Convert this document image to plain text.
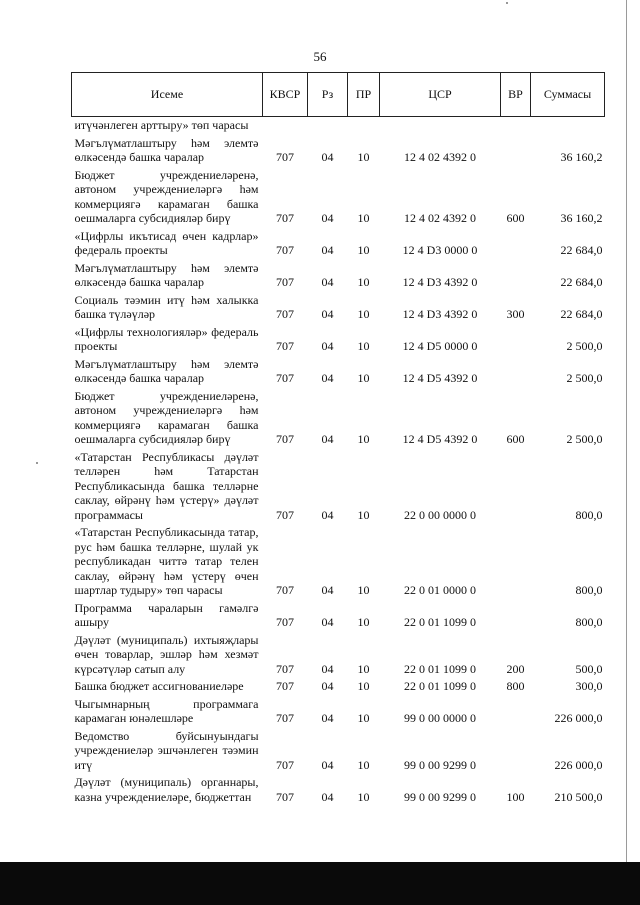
56
Исеме	КВСР	Рз	ПР	ЦСР	ВР	Суммасы
итүчәнлеген арттыру» төп чарасы						
Мәгълүматлаштыру һәм элемтә өлкәсендә башка чаралар	707	04	10	12 4 02 4392 0		36 160,2
Бюджет учреждениеләренә, автоном учреждениеләргә һәм коммерциягә карамаган башка оешмаларга субсидияләр бирү	707	04	10	12 4 02 4392 0	600	36 160,2
«Цифрлы икътисад өчен кадрлар» федераль проекты	707	04	10	12 4 D3 0000 0		22 684,0
Мәгълүматлаштыру һәм элемтә өлкәсендә башка чаралар	707	04	10	12 4 D3 4392 0		22 684,0
Социаль тәэмин итү һәм халыкка башка түләүләр	707	04	10	12 4 D3 4392 0	300	22 684,0
«Цифрлы технологияләр» федераль проекты	707	04	10	12 4 D5 0000 0		2 500,0
Мәгълүматлаштыру һәм элемтә өлкәсендә башка чаралар	707	04	10	12 4 D5 4392 0		2 500,0
Бюджет учреждениеләренә, автоном учреждениеләргә һәм коммерциягә карамаган башка оешмаларга субсидияләр бирү	707	04	10	12 4 D5 4392 0	600	2 500,0
«Татарстан Республикасы дәүләт телләрен һәм Татарстан Республикасында башка телләрне саклау, өйрәнү һәм үстерү» дәүләт программасы	707	04	10	22 0 00 0000 0		800,0
«Татарстан Республикасында татар, рус һәм башка телләрне, шулай ук республикадан читтә татар телен саклау, өйрәнү һәм үстерү өчен шартлар тудыру» төп чарасы	707	04	10	22 0 01 0000 0		800,0
Программа чараларын гамәлгә ашыру	707	04	10	22 0 01 1099 0		800,0
Дәүләт (муниципаль) ихтыяҗлары өчен товарлар, эшләр һәм хезмәт күрсәтүләр сатып алу	707	04	10	22 0 01 1099 0	200	500,0
Башка бюджет ассигнованиеләре	707	04	10	22 0 01 1099 0	800	300,0
Чыгымнарның программага карамаган юнәлешләре	707	04	10	99 0 00 0000 0		226 000,0
Ведомство буйсынуындагы учреждениеләр эшчәнлеген тәэмин итү	707	04	10	99 0 00 9299 0		226 000,0
Дәүләт (муниципаль) органнары, казна учреждениеләре, бюджеттан	707	04	10	99 0 00 9299 0	100	210 500,0
